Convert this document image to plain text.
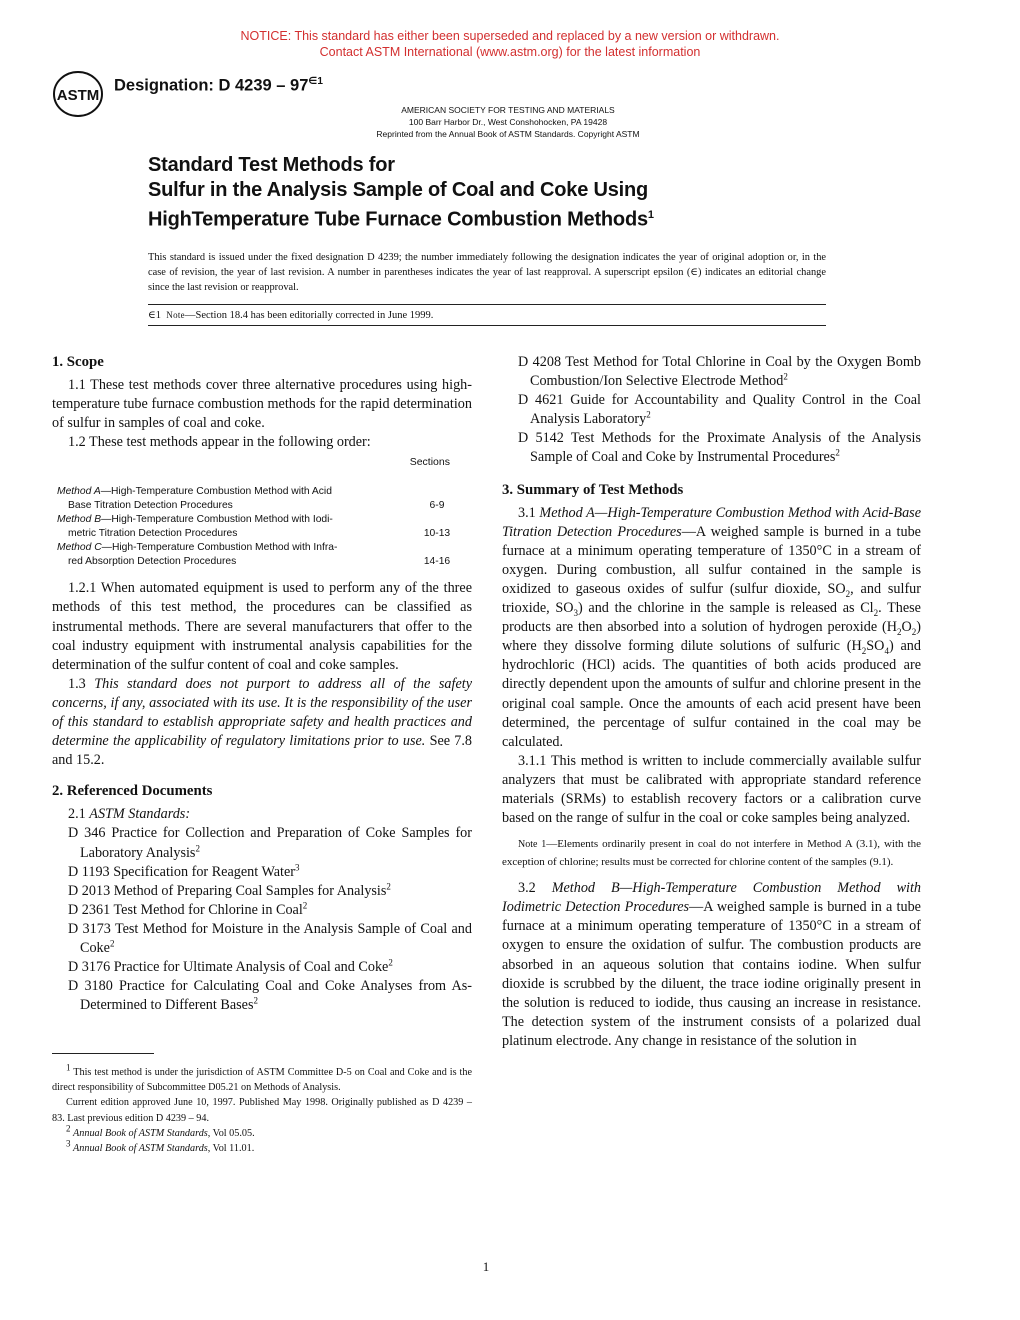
NOTICE: This standard has either been superseded and replaced by a new version or withdrawn.
Contact ASTM International (www.astm.org) for the latest information
ASTM
Designation: D $4239 - 97^{\in 1}$
AMERICAN SOCIETY FOR TESTING AND MATERIALS
100 Barr Harbor Dr., West Conshohocken, PA 19428
Reprinted from the Annual Book of ASTM Standards. Copyright ASTM
Standard Test Methods for
Sulfur in the Analysis Sample of Coal and Coke Using
HighTemperature Tube Furnace Combustion Methods$^1$
This standard is issued under the fixed designation D 4239; the number immediately following the designation indicates the year of original adoption or, in the case of revision, the year of last revision. A number in parentheses indicates the year of last reapproval. A superscript epsilon (∈) indicates an editorial change since the last revision or reapproval.
∈1 Note—Section 18.4 has been editorially corrected in June 1999.
1. Scope

1.1 These test methods cover three alternative procedures using high-temperature tube furnace combustion methods for the rapid determination of sulfur in samples of coal and coke.

1.2 These test methods appear in the following order:

Sections
Method A—High-Temperature Combustion Method with Acid
Base Titration Detection Procedures	6-9
Method B—High-Temperature Combustion Method with Iodi-
metric Titration Detection Procedures	10-13
Method C—High-Temperature Combustion Method with Infra-
red Absorption Detection Procedures	14-16

1.2.1 When automated equipment is used to perform any of the three methods of this test method, the procedures can be classified as instrumental methods. There are several manufacturers that offer to the coal industry equipment with instrumental analysis capabilities for the determination of the sulfur content of coal and coke samples.

1.3 This standard does not purport to address all of the safety concerns, if any, associated with its use. It is the responsibility of the user of this standard to establish appropriate safety and health practices and determine the applicability of regulatory limitations prior to use. See 7.8 and 15.2.

2. Referenced Documents

2.1 ASTM Standards:

D 346 Practice for Collection and Preparation of Coke Samples for Laboratory Analysis$^2$

D 1193 Specification for Reagent Water$^3$

D 2013 Method of Preparing Coal Samples for Analysis$^2$

D 2361 Test Method for Chlorine in Coal$^2$

D 3173 Test Method for Moisture in the Analysis Sample of Coal and Coke$^2$

D 3176 Practice for Ultimate Analysis of Coal and Coke$^2$

D 3180 Practice for Calculating Coal and Coke Analyses from As-Determined to Different Bases$^2$

D 4208 Test Method for Total Chlorine in Coal by the Oxygen Bomb Combustion/Ion Selective Electrode Method$^2$

D 4621 Guide for Accountability and Quality Control in the Coal Analysis Laboratory$^2$

D 5142 Test Methods for the Proximate Analysis of the Analysis Sample of Coal and Coke by Instrumental Procedures$^2$

3. Summary of Test Methods

3.1 Method A—High-Temperature Combustion Method with Acid-Base Titration Detection Procedures—A weighed sample is burned in a tube furnace at a minimum operating temperature of 1350°C in a stream of oxygen. During combustion, all sulfur contained in the sample is oxidized to gaseous oxides of sulfur (sulfur dioxide, $SO_2$, and sulfur trioxide, $SO_3$) and the chlorine in the sample is released as $Cl_2$. These products are then absorbed into a solution of hydrogen peroxide $(H_2O_2)$ where they dissolve forming dilute solutions of sulfuric $(H_2SO_4)$ and hydrochloric (HCl) acids. The quantities of both acids produced are directly dependent upon the amounts of sulfur and chlorine present in the original coal sample. Once the amounts of each acid present have been determined, the percentage of sulfur contained in the coal may be calculated.

3.1.1 This method is written to include commercially available sulfur analyzers that must be calibrated with appropriate standard reference materials (SRMs) to establish recovery factors or a calibration curve based on the range of sulfur in the coal or coke samples being analyzed.

Note 1—Elements ordinarily present in coal do not interfere in Method A (3.1), with the exception of chlorine; results must be corrected for chlorine content of the samples (9.1).

3.2 Method B—High-Temperature Combustion Method with Iodimetric Detection Procedures—A weighed sample is burned in a tube furnace at a minimum operating temperature of 1350°C in a stream of oxygen to ensure the oxidation of sulfur. The combustion products are absorbed in an aqueous solution that contains iodine. When sulfur dioxide is scrubbed by the diluent, the trace iodine originally present in the solution is reduced to iodide, thus causing an increase in resistance. The detection system of the instrument consists of a polarized dual platinum electrode. Any change in resistance of the solution in

$^1$ This test method is under the jurisdiction of ASTM Committee D-5 on Coal and Coke and is the direct responsibility of Subcommittee D05.21 on Methods of Analysis.

Current edition approved June 10, 1997. Published May 1998. Originally published as D 4239 – 83. Last previous edition D 4239 – 94.

$^2$ Annual Book of ASTM Standards, Vol 05.05.

$^3$ Annual Book of ASTM Standards, Vol 11.01.

1
